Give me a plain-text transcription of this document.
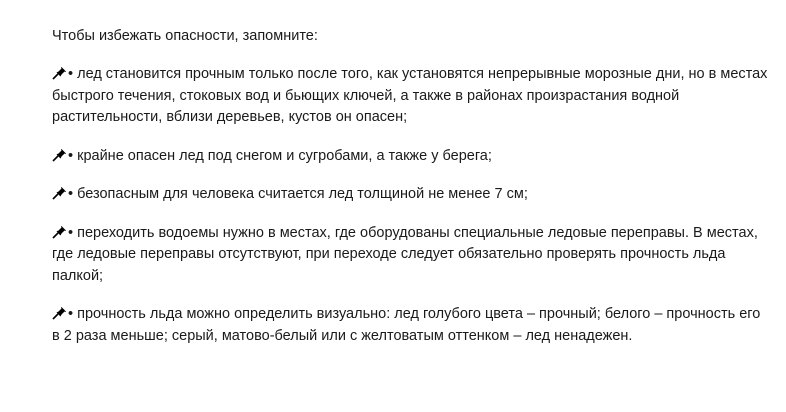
Чтобы избежать опасности, запомните:

• лед становится прочным только после того, как установятся непрерывные морозные дни, но в местах быстрого течения, стоковых вод и бьющих ключей, а также в районах произрастания водной растительности, вблизи деревьев, кустов он опасен;

• крайне опасен лед под снегом и сугробами, а также у берега;

• безопасным для человека считается лед толщиной не менее 7 см;

• переходить водоемы нужно в местах, где оборудованы специальные ледовые переправы. В местах, где ледовые переправы отсутствуют, при переходе следует обязательно проверять прочность льда палкой;

• прочность льда можно определить визуально: лед голубого цвета – прочный; белого – прочность его в 2 раза меньше; серый, матово-белый или с желтоватым оттенком – лед ненадежен.
